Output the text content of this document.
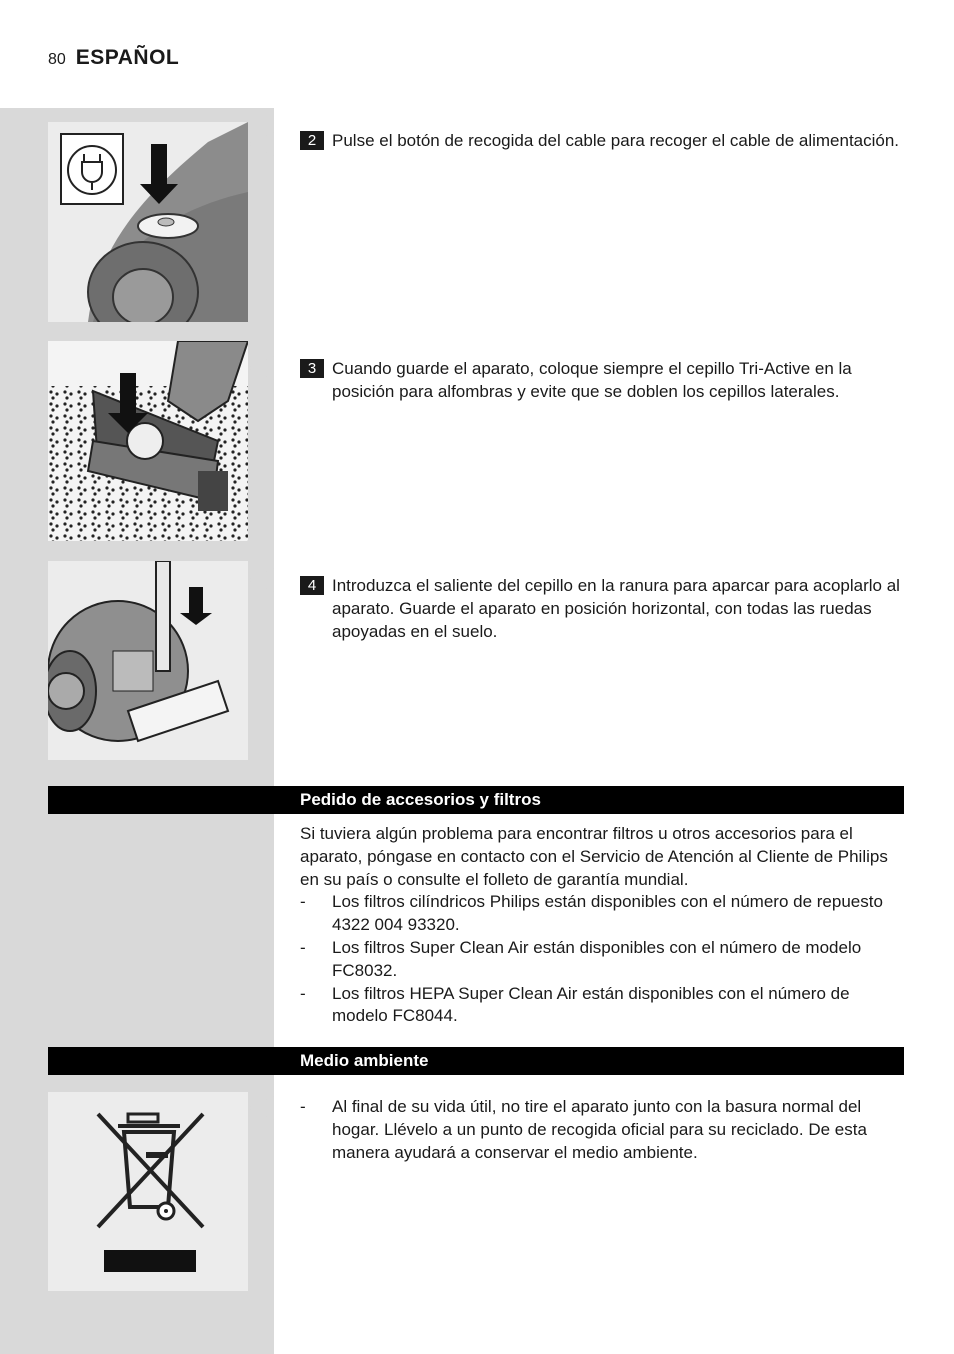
80 ESPAÑOL
2 Pulse el botón de recogida del cable para recoger el cable de alimentación.
3 Cuando guarde el aparato, coloque siempre el cepillo Tri-Active en la posición para alfombras y evite que se doblen los cepillos laterales.
4 Introduzca el saliente del cepillo en la ranura para aparcar para acoplarlo al aparato. Guarde el aparato en posición horizontal, con todas las ruedas apoyadas en el suelo.
Pedido de accesorios y filtros
Si tuviera algún problema para encontrar filtros u otros accesorios para el aparato, póngase en contacto con el Servicio de Atención al Cliente de Philips en su país o consulte el folleto de garantía mundial.
-	Los filtros cilíndricos Philips están disponibles con el número de repuesto 4322 004 93320.
-	Los filtros Super Clean Air están disponibles con el número de modelo FC8032.
-	Los filtros HEPA Super Clean Air están disponibles con el número de modelo FC8044.
Medio ambiente
-	Al final de su vida útil, no tire el aparato junto con la basura normal del hogar. Llévelo a un punto de recogida oficial para su reciclado. De esta manera ayudará a conservar el medio ambiente.
